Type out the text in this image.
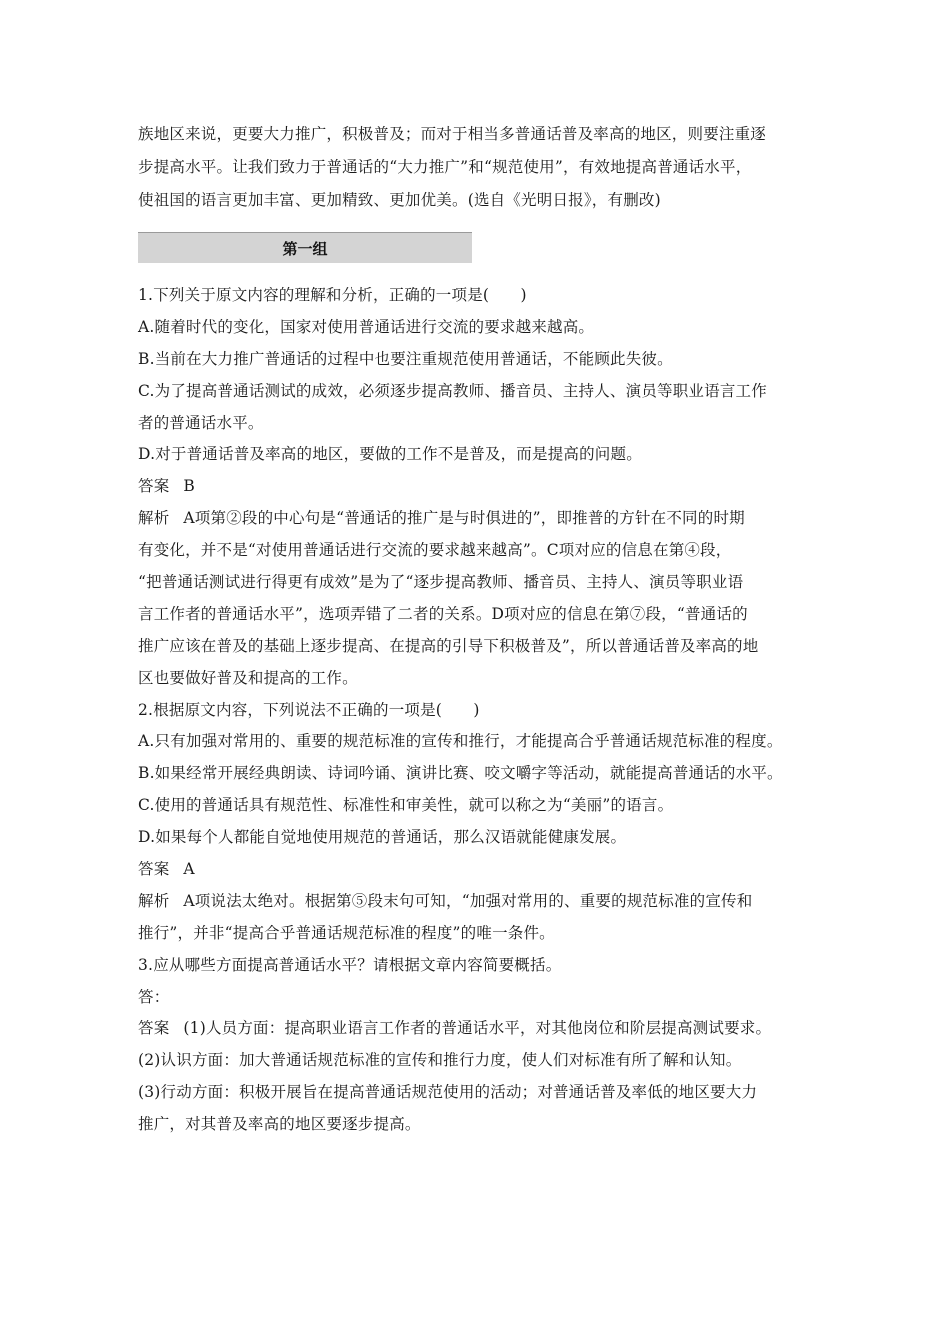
族地区来说，更要大力推广，积极普及；而对于相当多普通话普及率高的地区，则要注重逐
步提高水平。让我们致力于普通话的“大力推广”和“规范使用”，有效地提高普通话水平，
使祖国的语言更加丰富、更加精致、更加优美。(选自《光明日报》，有删改)
第一组
1.下列关于原文内容的理解和分析，正确的一项是(　　)
A.随着时代的变化，国家对使用普通话进行交流的要求越来越高。
B.当前在大力推广普通话的过程中也要注重规范使用普通话，不能顾此失彼。
C.为了提高普通话测试的成效，必须逐步提高教师、播音员、主持人、演员等职业语言工作
者的普通话水平。
D.对于普通话普及率高的地区，要做的工作不是普及，而是提高的问题。
答案 B
解析 A项第②段的中心句是“普通话的推广是与时俱进的”，即推普的方针在不同的时期
有变化，并不是“对使用普通话进行交流的要求越来越高”。C项对应的信息在第④段，
“把普通话测试进行得更有成效”是为了“逐步提高教师、播音员、主持人、演员等职业语
言工作者的普通话水平”，选项弄错了二者的关系。D项对应的信息在第⑦段，“普通话的
推广应该在普及的基础上逐步提高、在提高的引导下积极普及”，所以普通话普及率高的地
区也要做好普及和提高的工作。
2.根据原文内容，下列说法不正确的一项是(　　)
A.只有加强对常用的、重要的规范标准的宣传和推行，才能提高合乎普通话规范标准的程度。
B.如果经常开展经典朗读、诗词吟诵、演讲比赛、咬文嚼字等活动，就能提高普通话的水平。
C.使用的普通话具有规范性、标准性和审美性，就可以称之为“美丽”的语言。
D.如果每个人都能自觉地使用规范的普通话，那么汉语就能健康发展。
答案 A
解析 A项说法太绝对。根据第⑤段末句可知，“加强对常用的、重要的规范标准的宣传和
推行”，并非“提高合乎普通话规范标准的程度”的唯一条件。
3.应从哪些方面提高普通话水平？请根据文章内容简要概括。
答：
答案 (1)人员方面：提高职业语言工作者的普通话水平，对其他岗位和阶层提高测试要求。
(2)认识方面：加大普通话规范标准的宣传和推行力度，使人们对标准有所了解和认知。
(3)行动方面：积极开展旨在提高普通话规范使用的活动；对普通话普及率低的地区要大力
推广，对其普及率高的地区要逐步提高。
